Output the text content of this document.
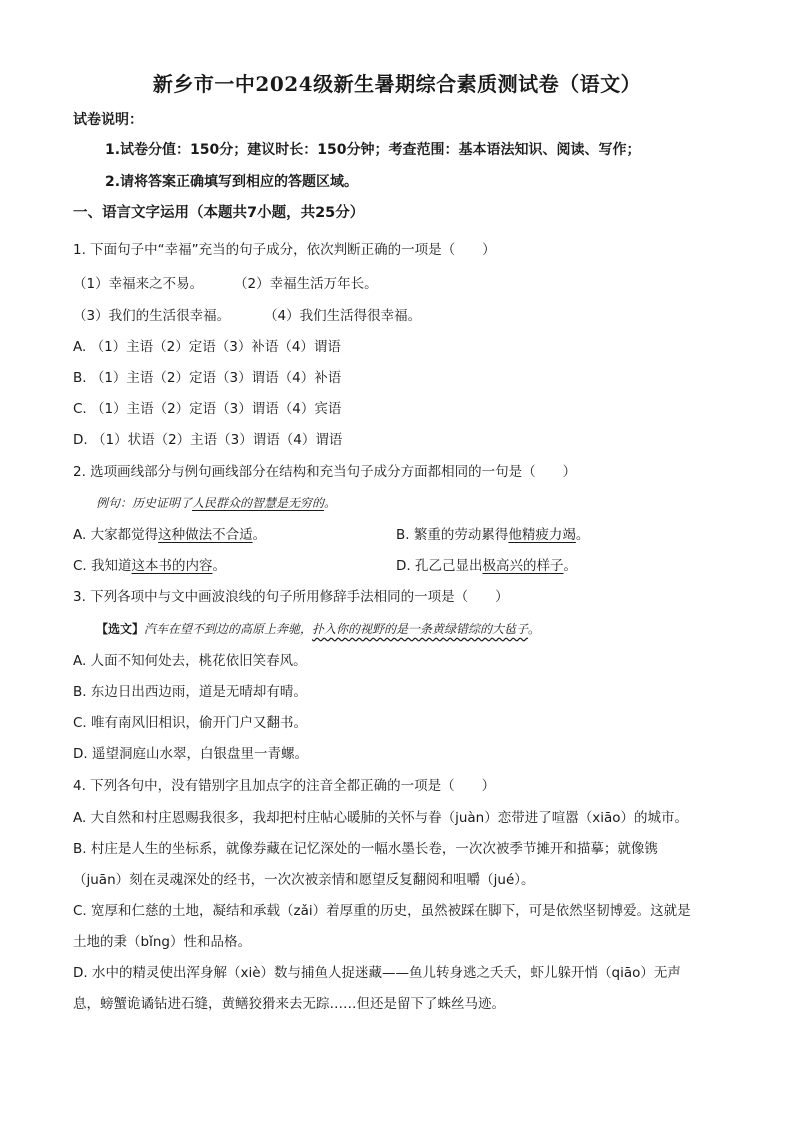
新乡市一中2024级新生暑期综合素质测试卷（语文）
试卷说明：
1.试卷分值：150分；建议时长：150分钟；考查范围：基本语法知识、阅读、写作；
2.请将答案正确填写到相应的答题区域。
一、语言文字运用（本题共7小题，共25分）
1. 下面句子中“幸福”充当的句子成分，依次判断正确的一项是（　　）
（1）幸福来之不易。 （2）幸福生活万年长。
（3）我们的生活很幸福。	（4）我们生活得很幸福。
A. （1）主语（2）定语（3）补语（4）谓语
B. （1）主语（2）定语（3）谓语（4）补语
C. （1）主语（2）定语（3）谓语（4）宾语
D. （1）状语（2）主语（3）谓语（4）谓语
2. 选项画线部分与例句画线部分在结构和充当句子成分方面都相同的一句是（　　）
例句：历史证明了人民群众的智慧是无穷的。
A. 大家都觉得这种做法不合适。	B. 繁重的劳动累得他精疲力竭。
C. 我知道这本书的内容。	D. 孔乙己显出极高兴的样子。
3. 下列各项中与文中画波浪线的句子所用修辞手法相同的一项是（　　）
【选文】汽车在望不到边的高原上奔驰，扑入你的视野的是一条黄绿错综的大毡子。
A. 人面不知何处去，桃花依旧笑春风。
B. 东边日出西边雨，道是无晴却有晴。
C. 唯有南风旧相识，偷开门户又翻书。
D. 遥望洞庭山水翠，白银盘里一青螺。
4. 下列各句中，没有错别字且加点字的注音全都正确的一项是（　　）
A. 大自然和村庄恩赐我很多，我却把村庄帖心暖肺的关怀与眷（juàn）恋带进了喧嚣（xiāo）的城市。
B. 村庄是人生的坐标系，就像券藏在记忆深处的一幅水墨长卷，一次次被季节摊开和描摹；就像镌
（juān）刻在灵魂深处的经书，一次次被亲情和愿望反复翻阅和咀嚼（jué）。
C. 宽厚和仁慈的土地，凝结和承载（zǎi）着厚重的历史，虽然被踩在脚下，可是依然坚韧博爱。这就是
土地的秉（bǐng）性和品格。
D. 水中的精灵使出浑身解（xiè）数与捕鱼人捉迷藏——鱼儿转身逃之夭夭，虾儿躲开悄（qiāo）无声
息，螃蟹诡谲钻进石缝，黄鳝狡猾来去无踪……但还是留下了蛛丝马迹。
